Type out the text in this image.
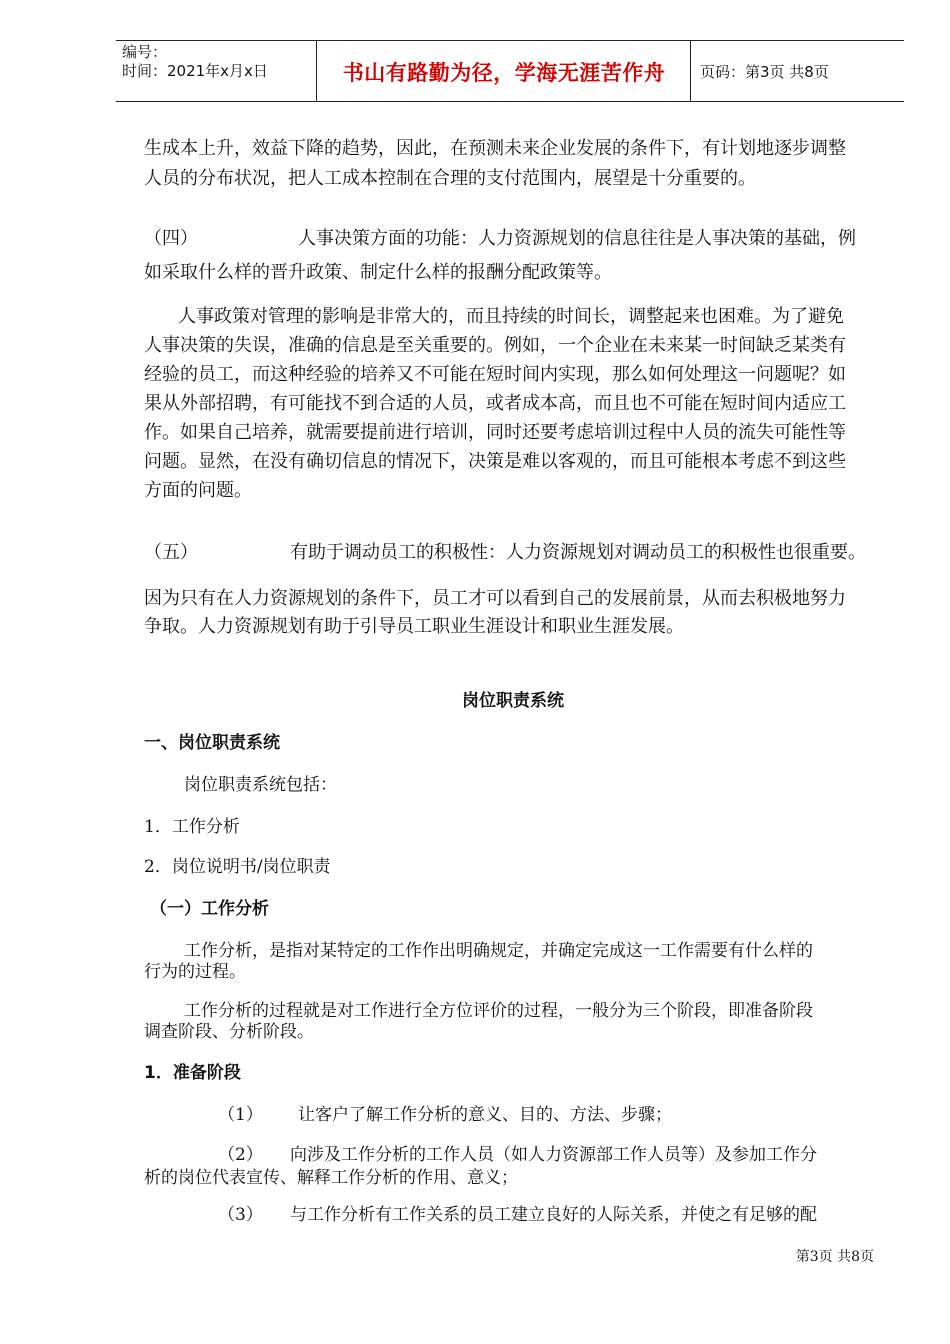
编号：
时间：2021年x月x日	书山有路勤为径，学海无涯苦作舟	页码：第3页 共8页
生成本上升，效益下降的趋势，因此，在预测未来企业发展的条件下，有计划地逐步调整
人员的分布状况，把人工成本控制在合理的支付范围内，展望是十分重要的。
（四）	人事决策方面的功能：人力资源规划的信息往往是人事决策的基础，例
如采取什么样的晋升政策、制定什么样的报酬分配政策等。
人事政策对管理的影响是非常大的，而且持续的时间长，调整起来也困难。为了避免
人事决策的失误，准确的信息是至关重要的。例如，一个企业在未来某一时间缺乏某类有
经验的员工，而这种经验的培养又不可能在短时间内实现，那么如何处理这一问题呢？如
果从外部招聘，有可能找不到合适的人员，或者成本高，而且也不可能在短时间内适应工
作。如果自己培养，就需要提前进行培训，同时还要考虑培训过程中人员的流失可能性等
问题。显然，在没有确切信息的情况下，决策是难以客观的，而且可能根本考虑不到这些
方面的问题。
（五）	有助于调动员工的积极性：人力资源规划对调动员工的积极性也很重要。
因为只有在人力资源规划的条件下，员工才可以看到自己的发展前景，从而去积极地努力
争取。人力资源规划有助于引导员工职业生涯设计和职业生涯发展。
岗位职责系统
一、岗位职责系统
岗位职责系统包括：
1．工作分析
2．岗位说明书/岗位职责
（一）工作分析
工作分析，是指对某特定的工作作出明确规定，并确定完成这一工作需要有什么样的
行为的过程。
工作分析的过程就是对工作进行全方位评价的过程，一般分为三个阶段，即准备阶段
调查阶段、分析阶段。
1．准备阶段
（1）	让客户了解工作分析的意义、目的、方法、步骤；
（2）	向涉及工作分析的工作人员（如人力资源部工作人员等）及参加工作分
析的岗位代表宣传、解释工作分析的作用、意义；
（3）	与工作分析有工作关系的员工建立良好的人际关系，并使之有足够的配
第3页 共8页
